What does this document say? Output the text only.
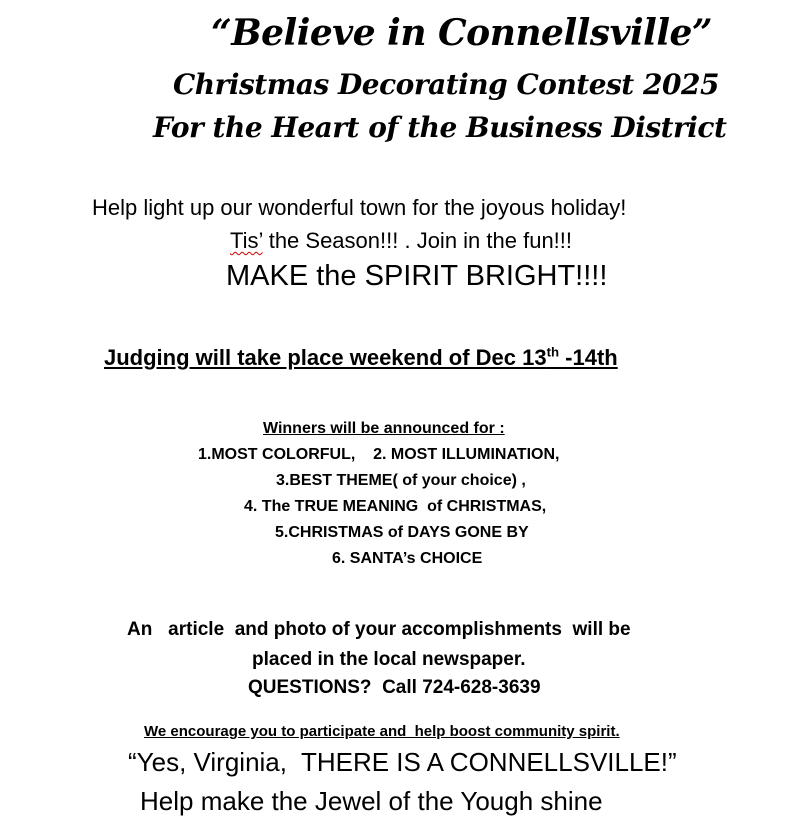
“Believe in Connellsville”
Christmas Decorating Contest 2025
For the Heart of the Business District
Help light up our wonderful town for the joyous holiday!
Tis’ the Season!!! . Join in the fun!!!
MAKE the SPIRIT BRIGHT!!!!
Judging will take place weekend of Dec 13th -14th
Winners will be announced for :
1.MOST COLORFUL,    2. MOST ILLUMINATION,
3.BEST THEME( of your choice) ,
4. The TRUE MEANING  of CHRISTMAS,
5.CHRISTMAS of DAYS GONE BY
6. SANTA’s CHOICE
An   article  and photo of your accomplishments  will be
placed in the local newspaper.
QUESTIONS?  Call 724-628-3639
We encourage you to participate and  help boost community spirit.
“Yes, Virginia,  THERE IS A CONNELLSVILLE!”
Help make the Jewel of the Yough shine
